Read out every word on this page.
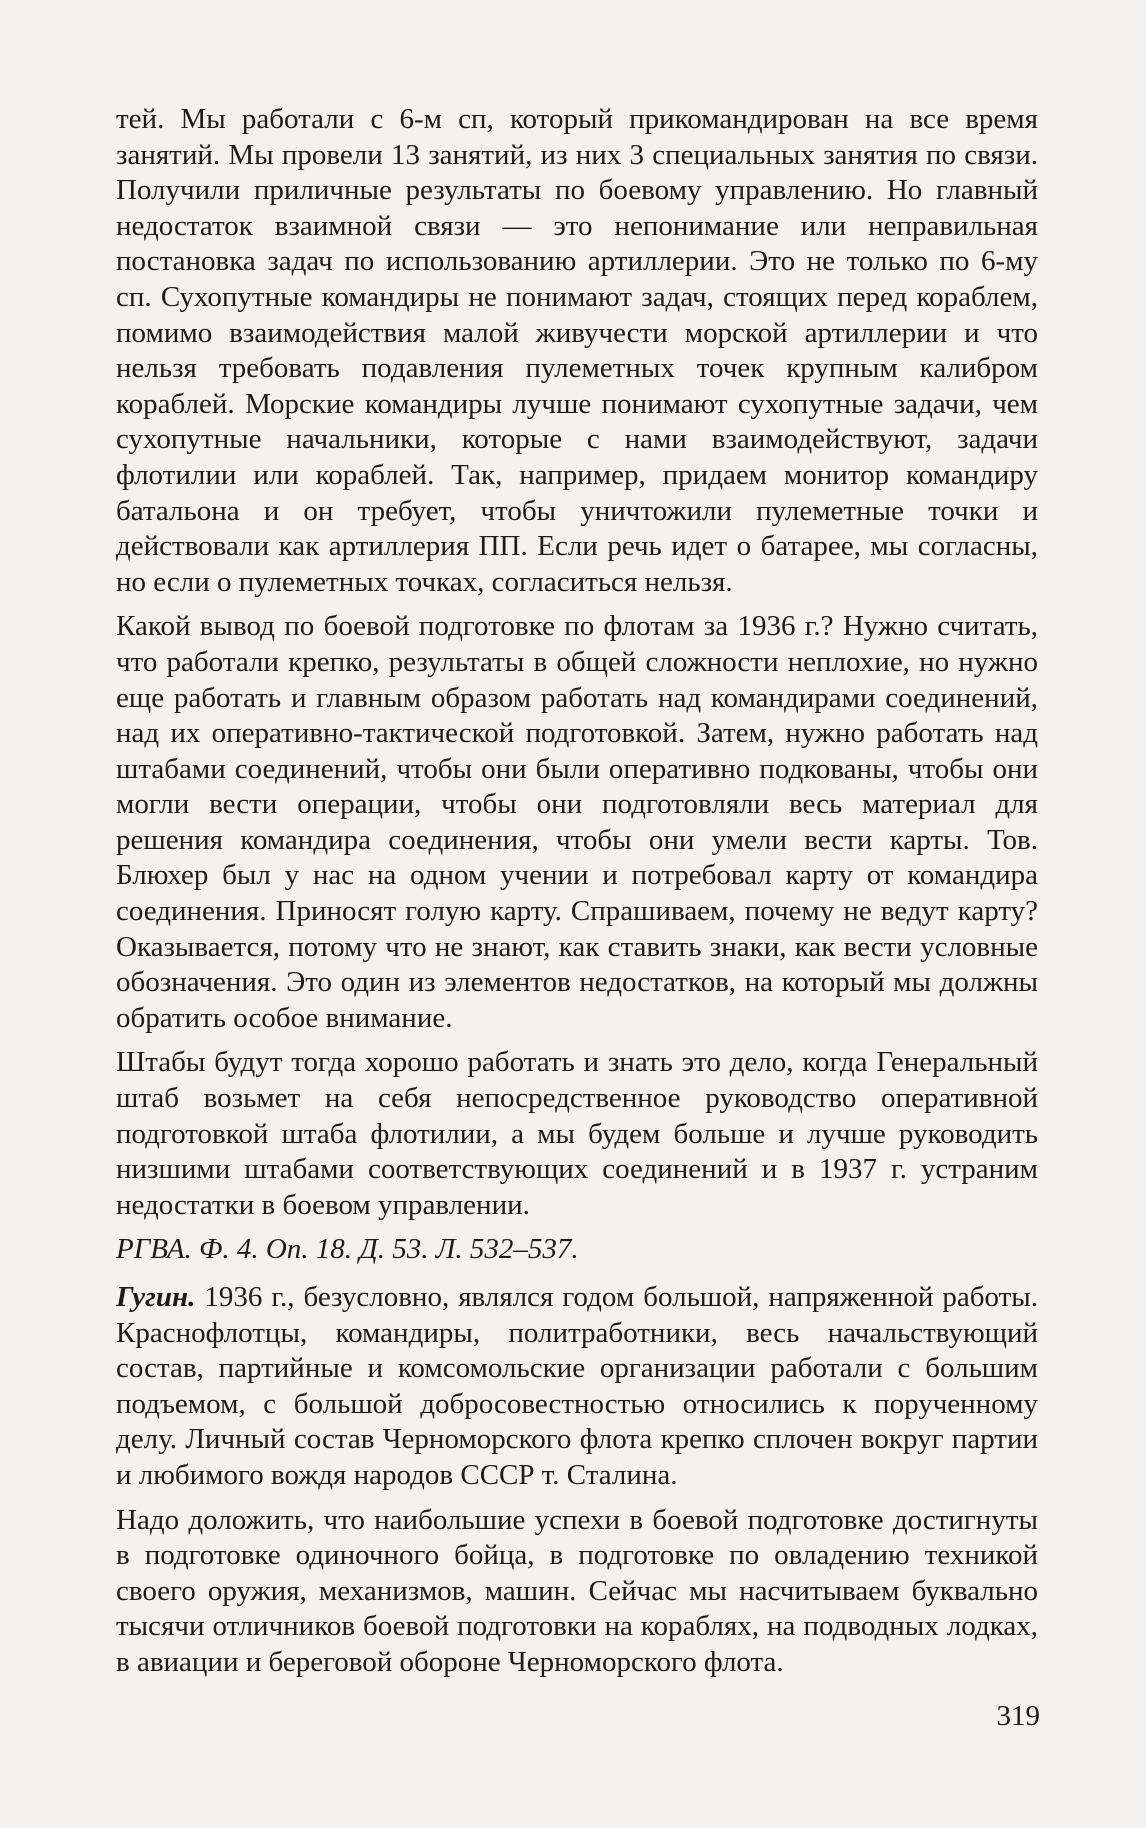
тей. Мы работали с 6-м сп, который прикомандирован на все время занятий. Мы провели 13 занятий, из них 3 специальных занятия по связи. Получили приличные результаты по боевому управлению. Но главный недостаток взаимной связи — это непонимание или неправильная постановка задач по использованию артиллерии. Это не только по 6-му сп. Сухопутные командиры не понимают задач, стоящих перед кораблем, помимо взаимодействия малой живучести морской артиллерии и что нельзя требовать подавления пулеметных точек крупным калибром кораблей. Морские командиры лучше понимают сухопутные задачи, чем сухопутные начальники, которые с нами взаимодействуют, задачи флотилии или кораблей. Так, например, придаем монитор командиру батальона и он требует, чтобы уничтожили пулеметные точки и действовали как артиллерия ПП. Если речь идет о батарее, мы согласны, но если о пулеметных точках, согласиться нельзя.

Какой вывод по боевой подготовке по флотам за 1936 г.? Нужно считать, что работали крепко, результаты в общей сложности неплохие, но нужно еще работать и главным образом работать над командирами соединений, над их оперативно-тактической подготовкой. Затем, нужно работать над штабами соединений, чтобы они были оперативно подкованы, чтобы они могли вести операции, чтобы они подготовляли весь материал для решения командира соединения, чтобы они умели вести карты. Тов. Блюхер был у нас на одном учении и потребовал карту от командира соединения. Приносят голую карту. Спрашиваем, почему не ведут карту? Оказывается, потому что не знают, как ставить знаки, как вести условные обозначения. Это один из элементов недостатков, на который мы должны обратить особое внимание.

Штабы будут тогда хорошо работать и знать это дело, когда Генеральный штаб возьмет на себя непосредственное руководство оперативной подготовкой штаба флотилии, а мы будем больше и лучше руководить низшими штабами соответствующих соединений и в 1937 г. устраним недостатки в боевом управлении.

РГВА. Ф. 4. Оп. 18. Д. 53. Л. 532–537.

Гугин. 1936 г., безусловно, являлся годом большой, напряженной работы. Краснофлотцы, командиры, политработники, весь начальствующий состав, партийные и комсомольские организации работали с большим подъемом, с большой добросовестностью относились к порученному делу. Личный состав Черноморского флота крепко сплочен вокруг партии и любимого вождя народов СССР т. Сталина.

Надо доложить, что наибольшие успехи в боевой подготовке достигнуты в подготовке одиночного бойца, в подготовке по овладению техникой своего оружия, механизмов, машин. Сейчас мы насчитываем буквально тысячи отличников боевой подготовки на кораблях, на подводных лодках, в авиации и береговой обороне Черноморского флота.

319
